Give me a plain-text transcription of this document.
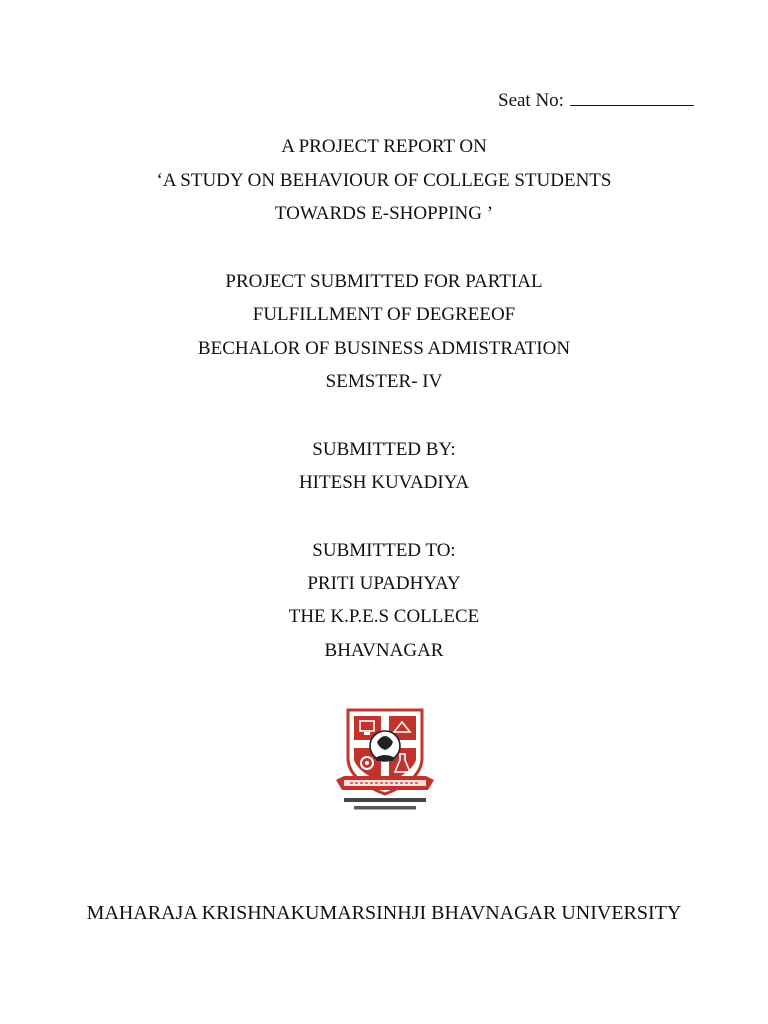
Seat No:
A PROJECT REPORT ON
‘A STUDY ON BEHAVIOUR OF COLLEGE STUDENTS
TOWARDS E-SHOPPING ’
PROJECT SUBMITTED FOR PARTIAL
FULFILLMENT OF DEGREEOF
BECHALOR OF BUSINESS ADMISTRATION
SEMSTER- IV
SUBMITTED BY:
HITESH KUVADIYA
SUBMITTED TO:
PRITI UPADHYAY
THE K.P.E.S COLLECE
BHAVNAGAR
MAHARAJA KRISHNAKUMARSINHJI BHAVNAGAR UNIVERSITY
